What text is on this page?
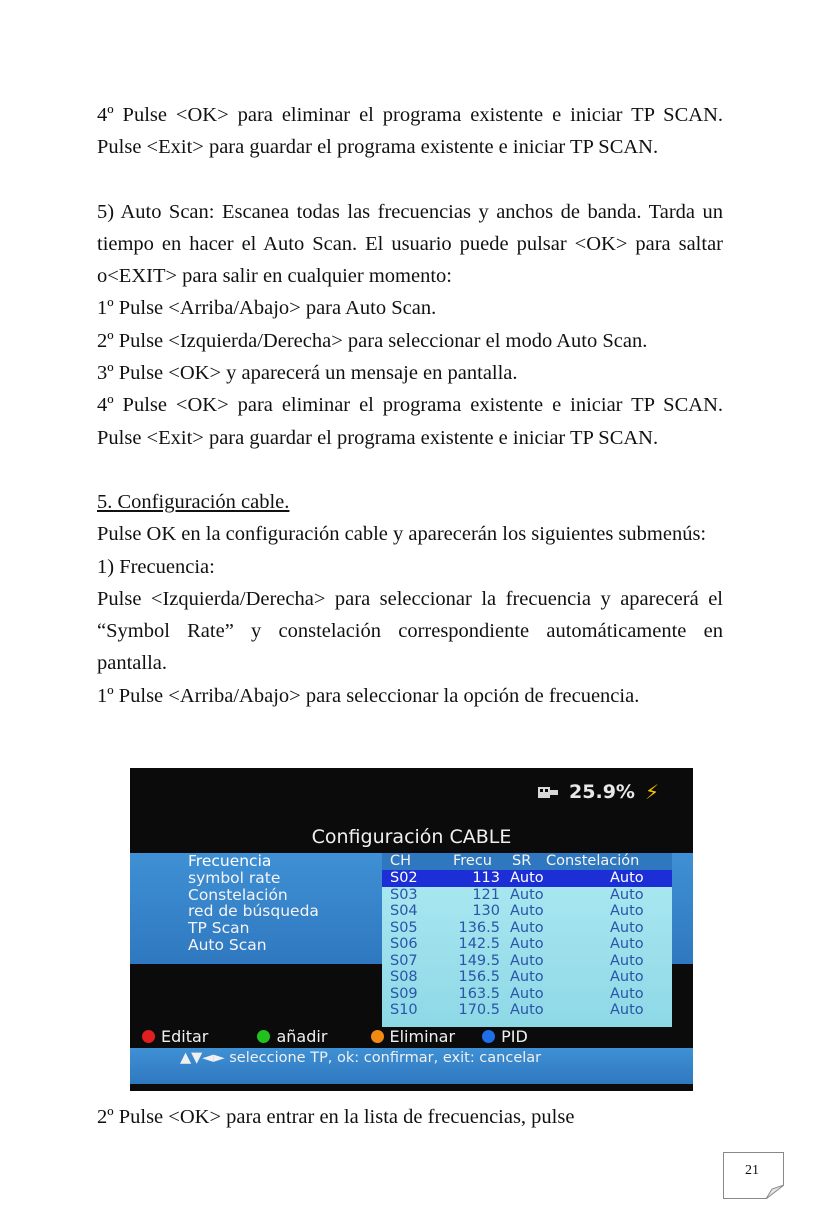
4º Pulse <OK> para eliminar el programa existente e iniciar TP SCAN. Pulse <Exit> para guardar el programa existente e iniciar TP SCAN.

5) Auto Scan: Escanea todas las frecuencias y anchos de banda. Tarda un tiempo en hacer el Auto Scan. El usuario puede pulsar <OK> para saltar o<EXIT> para salir en cualquier momento:

1º Pulse <Arriba/Abajo> para Auto Scan.

2º Pulse <Izquierda/Derecha> para seleccionar el modo Auto Scan.

3º Pulse <OK> y aparecerá un mensaje en pantalla.

4º Pulse <OK> para eliminar el programa existente e iniciar TP SCAN. Pulse <Exit> para guardar el programa existente e iniciar TP SCAN.

5. Configuración cable.

Pulse OK en la configuración cable y aparecerán los siguientes submenús:

1) Frecuencia:

Pulse <Izquierda/Derecha> para seleccionar la frecuencia y aparecerá el “Symbol Rate” y constelación correspondiente automáticamente en pantalla.

1º Pulse <Arriba/Abajo> para seleccionar la opción de frecuencia.

25.9% ⚡
Configuración CABLE
Frecuencia
symbol rate
Constelación
red de búsqueda
TP Scan
Auto Scan
CH	Frecu SR Constelación
S02	113 Auto	Auto
S03	121 Auto	Auto
S04	130 Auto	Auto
S05	136.5 Auto	Auto
S06	142.5 Auto	Auto
S07	149.5 Auto	Auto
S08	156.5 Auto	Auto
S09	163.5 Auto	Auto
S10	170.5 Auto	Auto
Editar	añadir	Eliminar	PID
▲▼◄► seleccione TP, ok: confirmar, exit: cancelar

2º Pulse <OK> para entrar en la lista de frecuencias, pulse

21
